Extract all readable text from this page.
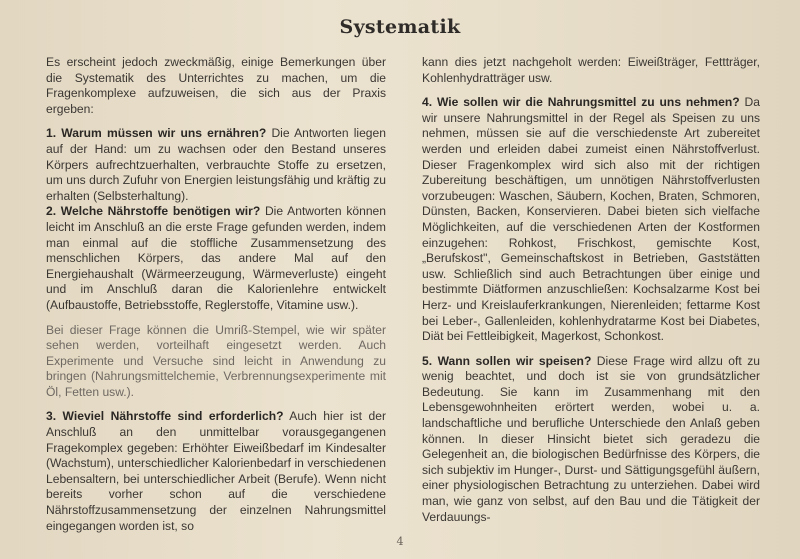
Systematik

Es erscheint jedoch zweckmäßig, einige Bemerkungen über die Systematik des Unterrichtes zu machen, um die Fragenkomplexe aufzuweisen, die sich aus der Praxis ergeben:

1. Warum müssen wir uns ernähren? Die Antworten liegen auf der Hand: um zu wachsen oder den Bestand unseres Körpers aufrechtzuerhalten, verbrauchte Stoffe zu ersetzen, um uns durch Zufuhr von Energien leistungsfähig und kräftig zu erhalten (Selbsterhaltung).

2. Welche Nährstoffe benötigen wir? Die Antworten können leicht im Anschluß an die erste Frage gefunden werden, indem man einmal auf die stoffliche Zusammensetzung des menschlichen Körpers, das andere Mal auf den Energiehaushalt (Wärmeerzeugung, Wärmeverluste) eingeht und im Anschluß daran die Kalorienlehre entwickelt (Aufbaustoffe, Betriebsstoffe, Reglerstoffe, Vitamine usw.).

Bei dieser Frage können die Umriß-Stempel, wie wir später sehen werden, vorteilhaft eingesetzt werden. Auch Experimente und Versuche sind leicht in Anwendung zu bringen (Nahrungsmittelchemie, Verbrennungsexperimente mit Öl, Fetten usw.).

3. Wieviel Nährstoffe sind erforderlich? Auch hier ist der Anschluß an den unmittelbar vorausgegangenen Fragekomplex gegeben: Erhöhter Eiweißbedarf im Kindesalter (Wachstum), unterschiedlicher Kalorienbedarf in verschiedenen Lebensaltern, bei unterschiedlicher Arbeit (Berufe). Wenn nicht bereits vorher schon auf die verschiedene Nährstoffzusammensetzung der einzelnen Nahrungsmittel eingegangen worden ist, so

kann dies jetzt nachgeholt werden: Eiweißträger, Fettträger, Kohlenhydratträger usw.

4. Wie sollen wir die Nahrungsmittel zu uns nehmen? Da wir unsere Nahrungsmittel in der Regel als Speisen zu uns nehmen, müssen sie auf die verschiedenste Art zubereitet werden und erleiden dabei zumeist einen Nährstoffverlust. Dieser Fragenkomplex wird sich also mit der richtigen Zubereitung beschäftigen, um unnötigen Nährstoffverlusten vorzubeugen: Waschen, Säubern, Kochen, Braten, Schmoren, Dünsten, Backen, Konservieren. Dabei bieten sich vielfache Möglichkeiten, auf die verschiedenen Arten der Kostformen einzugehen: Rohkost, Frischkost, gemischte Kost, „Berufskost", Gemeinschaftskost in Betrieben, Gaststätten usw. Schließlich sind auch Betrachtungen über einige und bestimmte Diätformen anzuschließen: Kochsalzarme Kost bei Herz- und Kreislauferkrankungen, Nierenleiden; fettarme Kost bei Leber-, Gallenleiden, kohlenhydratarme Kost bei Diabetes, Diät bei Fettleibigkeit, Magerkost, Schonkost.

5. Wann sollen wir speisen? Diese Frage wird allzu oft zu wenig beachtet, und doch ist sie von grundsätzlicher Bedeutung. Sie kann im Zusammenhang mit den Lebensgewohnheiten erörtert werden, wobei u. a. landschaftliche und berufliche Unterschiede den Anlaß geben können. In dieser Hinsicht bietet sich geradezu die Gelegenheit an, die biologischen Bedürfnisse des Körpers, die sich subjektiv im Hunger-, Durst- und Sättigungsgefühl äußern, einer physiologischen Betrachtung zu unterziehen. Dabei wird man, wie ganz von selbst, auf den Bau und die Tätigkeit der Verdauungs-

4
